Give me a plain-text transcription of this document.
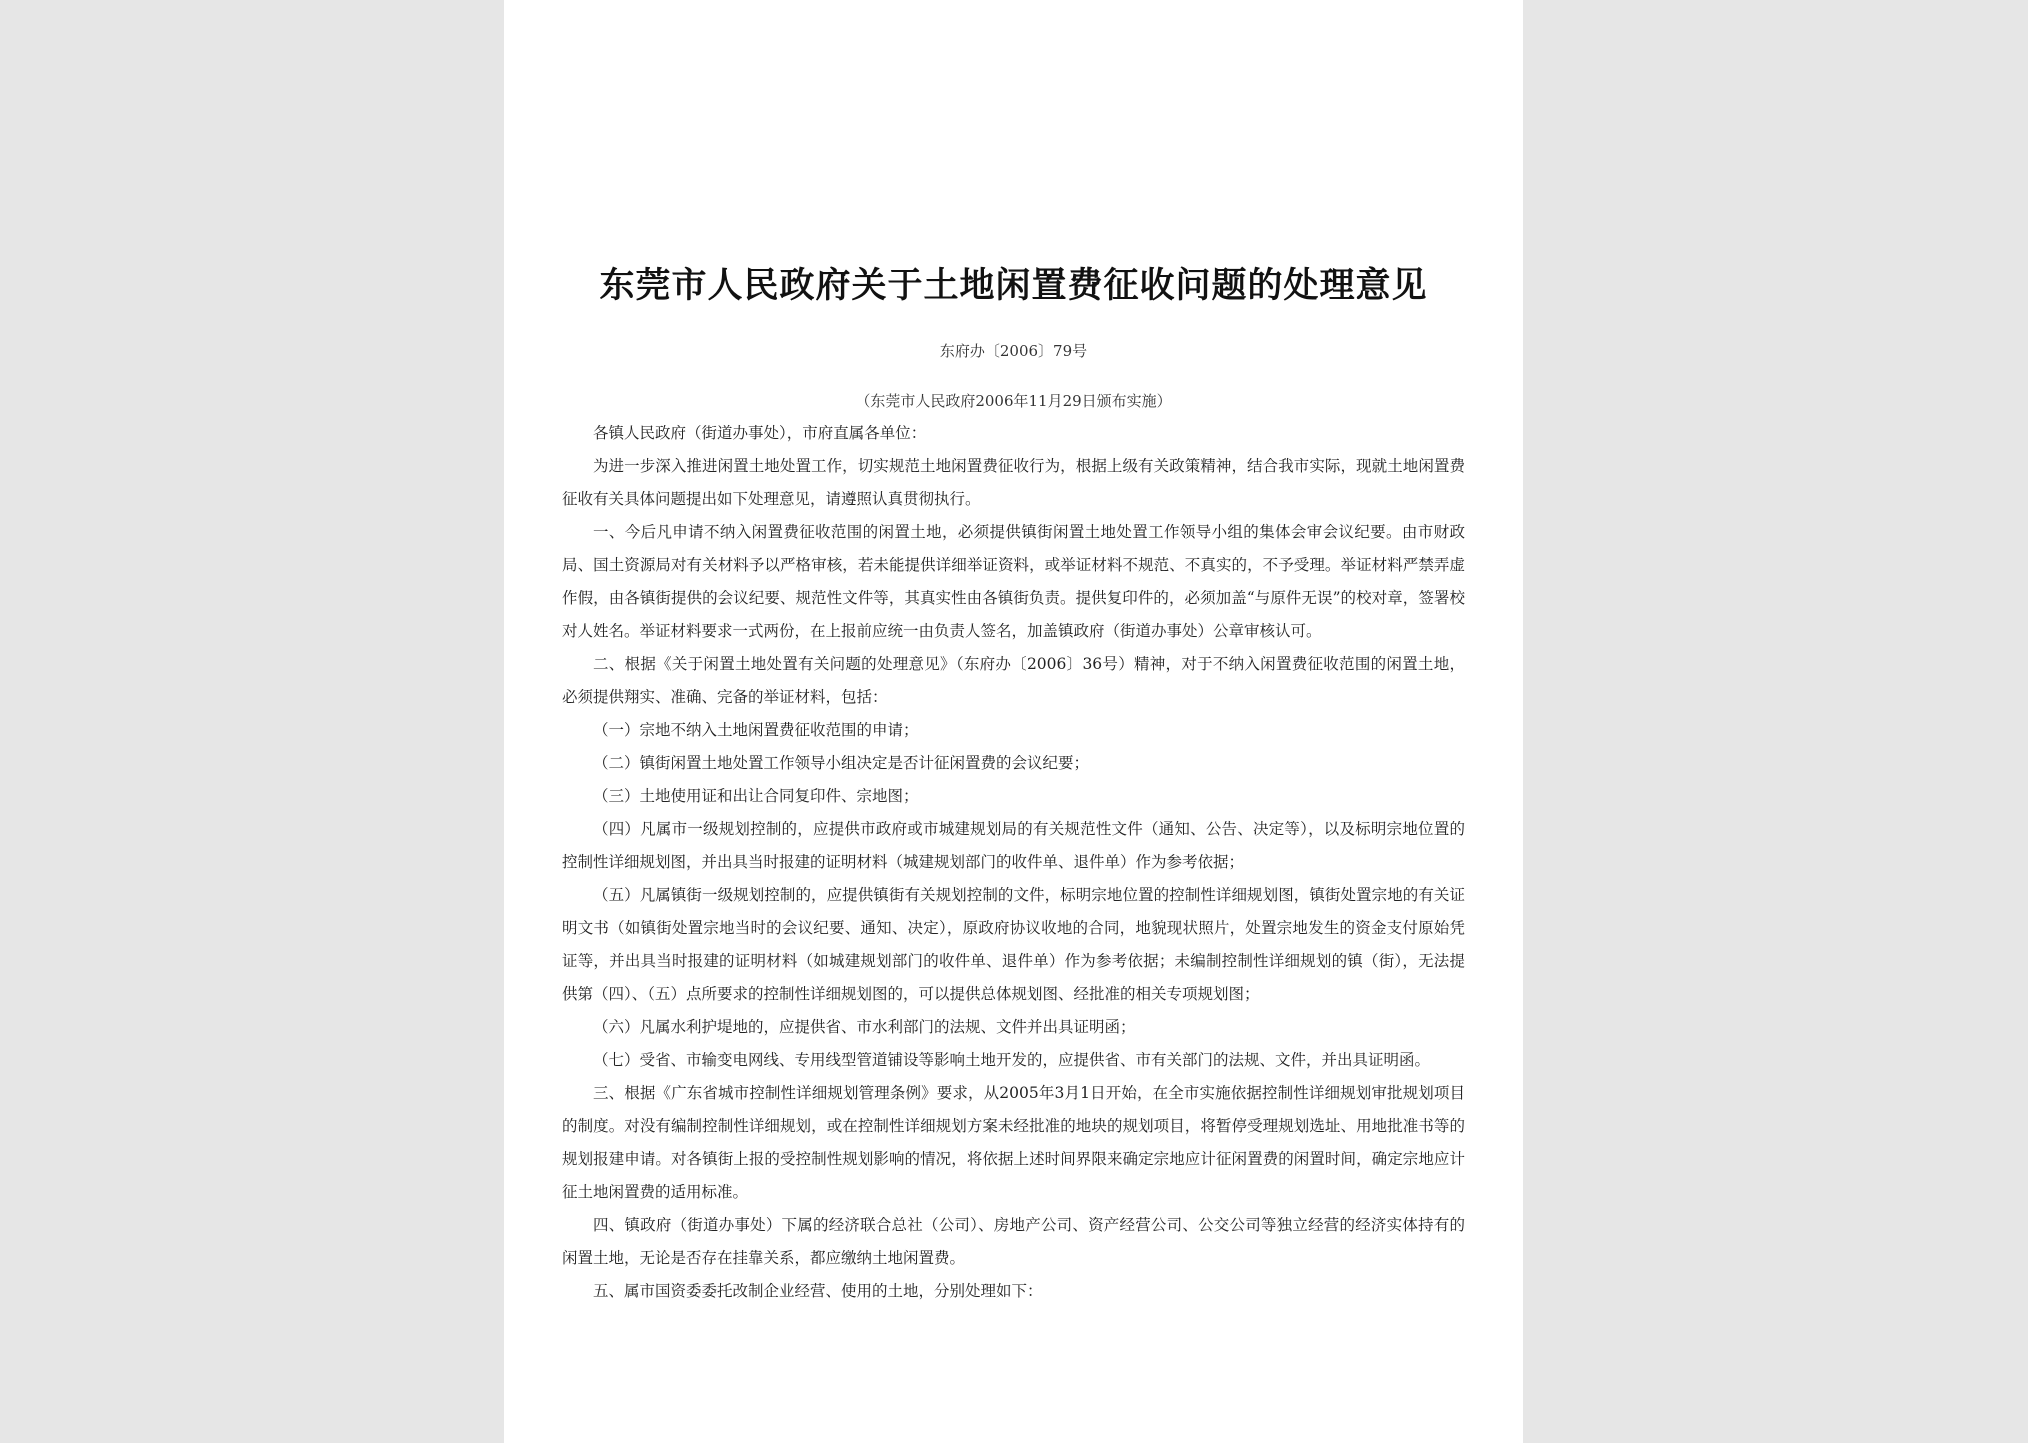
东莞市人民政府关于土地闲置费征收问题的处理意见
东府办〔2006〕79号
（东莞市人民政府2006年11月29日颁布实施）

各镇人民政府（街道办事处），市府直属各单位：

为进一步深入推进闲置土地处置工作，切实规范土地闲置费征收行为，根据上级有关政策精神，结合我市实际，现就土地闲置费征收有关具体问题提出如下处理意见，请遵照认真贯彻执行。

一、今后凡申请不纳入闲置费征收范围的闲置土地，必须提供镇街闲置土地处置工作领导小组的集体会审会议纪要。由市财政局、国土资源局对有关材料予以严格审核，若未能提供详细举证资料，或举证材料不规范、不真实的，不予受理。举证材料严禁弄虚作假，由各镇街提供的会议纪要、规范性文件等，其真实性由各镇街负责。提供复印件的，必须加盖“与原件无误”的校对章，签署校对人姓名。举证材料要求一式两份，在上报前应统一由负责人签名，加盖镇政府（街道办事处）公章审核认可。

二、根据《关于闲置土地处置有关问题的处理意见》（东府办〔2006〕36号）精神，对于不纳入闲置费征收范围的闲置土地，必须提供翔实、准确、完备的举证材料，包括：

（一）宗地不纳入土地闲置费征收范围的申请；

（二）镇街闲置土地处置工作领导小组决定是否计征闲置费的会议纪要；

（三）土地使用证和出让合同复印件、宗地图；

（四）凡属市一级规划控制的，应提供市政府或市城建规划局的有关规范性文件（通知、公告、决定等），以及标明宗地位置的控制性详细规划图，并出具当时报建的证明材料（城建规划部门的收件单、退件单）作为参考依据；

（五）凡属镇街一级规划控制的，应提供镇街有关规划控制的文件，标明宗地位置的控制性详细规划图，镇街处置宗地的有关证明文书（如镇街处置宗地当时的会议纪要、通知、决定），原政府协议收地的合同，地貌现状照片，处置宗地发生的资金支付原始凭证等，并出具当时报建的证明材料（如城建规划部门的收件单、退件单）作为参考依据；未编制控制性详细规划的镇（街），无法提供第（四）、（五）点所要求的控制性详细规划图的，可以提供总体规划图、经批准的相关专项规划图；

（六）凡属水利护堤地的，应提供省、市水利部门的法规、文件并出具证明函；

（七）受省、市输变电网线、专用线型管道铺设等影响土地开发的，应提供省、市有关部门的法规、文件，并出具证明函。

三、根据《广东省城市控制性详细规划管理条例》要求，从2005年3月1日开始，在全市实施依据控制性详细规划审批规划项目的制度。对没有编制控制性详细规划，或在控制性详细规划方案未经批准的地块的规划项目，将暂停受理规划选址、用地批准书等的规划报建申请。对各镇街上报的受控制性规划影响的情况，将依据上述时间界限来确定宗地应计征闲置费的闲置时间，确定宗地应计征土地闲置费的适用标准。

四、镇政府（街道办事处）下属的经济联合总社（公司）、房地产公司、资产经营公司、公交公司等独立经营的经济实体持有的闲置土地，无论是否存在挂靠关系，都应缴纳土地闲置费。

五、属市国资委委托改制企业经营、使用的土地，分别处理如下：
